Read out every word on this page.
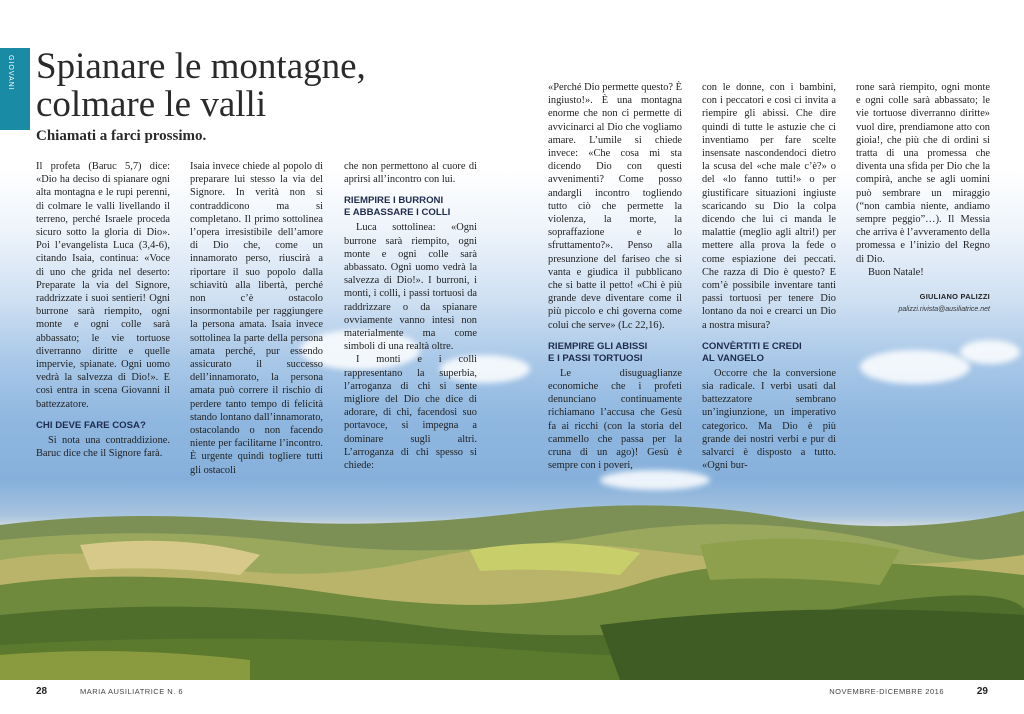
GIOVANI Spianare le montagne,
colmare le valli
Chiamati a farci prossimo.

Il profeta (Baruc 5,7) dice: «Dio ha deciso di spianare ogni alta montagna e le rupi perenni, di colmare le valli livellando il terreno, perché Israele proceda sicuro sotto la gloria di Dio». Poi l’evangelista Luca (3,4-6), citando Isaia, continua: «Voce di uno che grida nel deserto: Preparate la via del Signore, raddrizzate i suoi sentieri! Ogni burrone sarà riempito, ogni monte e ogni colle sarà abbassato; le vie tortuose diverranno diritte e quelle impervie, spianate. Ogni uomo vedrà la salvezza di Dio!». E così entra in scena Giovanni il battezzatore.

CHI DEVE FARE COSA?

Si nota una contraddizione. Baruc dice che il Signore farà.

Isaia invece chiede al popolo di preparare lui stesso la via del Signore. In verità non si contraddicono ma si completano. Il primo sottolinea l’opera irresistibile dell’amore di Dio che, come un innamorato perso, riuscirà a riportare il suo popolo dalla schiavitù alla libertà, perché non c’è ostacolo insormontabile per raggiungere la persona amata. Isaia invece sottolinea la parte della persona amata perché, pur essendo assicurato il successo dell’innamorato, la persona amata può correre il rischio di perdere tanto tempo di felicità stando lontano dall’innamorato, ostacolando o non facendo niente per facilitarne l’incontro. È urgente quindi togliere tutti gli ostacoli

che non permettono al cuore di aprirsi all’incontro con lui.

RIEMPIRE I BURRONI
E ABBASSARE I COLLI

Luca sottolinea: «Ogni burrone sarà riempito, ogni monte e ogni colle sarà abbassato. Ogni uomo vedrà la salvezza di Dio!». I burroni, i monti, i colli, i passi tortuosi da raddrizzare o da spianare ovviamente vanno intesi non materialmente ma come simboli di una realtà oltre.

I monti e i colli rappresentano la superbia, l’arroganza di chi si sente migliore del Dio che dice di adorare, di chi, facendosi suo portavoce, si impegna a dominare sugli altri. L’arroganza di chi spesso si chiede:

«Perché Dio permette questo? È ingiusto!». È una montagna enorme che non ci permette di avvicinarci al Dio che vogliamo amare. L’umile si chiede invece: «Che cosa mi sta dicendo Dio con questi avvenimenti? Come posso andargli incontro togliendo tutto ciò che permette la violenza, la morte, la sopraffazione e lo sfruttamento?». Penso alla presunzione del fariseo che si vanta e giudica il pubblicano che si batte il petto! «Chi è più grande deve diventare come il più piccolo e chi governa come colui che serve» (Lc 22,16).

RIEMPIRE GLI ABISSI
E I PASSI TORTUOSI

Le disuguaglianze economiche che i profeti denunciano continuamente richiamano l’accusa che Gesù fa ai ricchi (con la storia del cammello che passa per la cruna di un ago)! Gesù è sempre con i poveri,

con le donne, con i bambini, con i peccatori e così ci invita a riempire gli abissi. Che dire quindi di tutte le astuzie che ci inventiamo per fare scelte insensate nascondendoci dietro la scusa del «che male c’è?» o del «lo fanno tutti!» o per giustificare situazioni ingiuste scaricando su Dio la colpa dicendo che lui ci manda le malattie (meglio agli altri!) per mettere alla prova la fede o come espiazione dei peccati. Che razza di Dio è questo? E com’è possibile inventare tanti passi tortuosi per tenere Dio lontano da noi e crearci un Dio a nostra misura?

CONVÈRTITI E CREDI
AL VANGELO

Occorre che la conversione sia radicale. I verbi usati dal battezzatore sembrano un’ingiunzione, un imperativo categorico. Ma Dio è più grande dei nostri verbi e pur di salvarci è disposto a tutto. «Ogni bur-

rone sarà riempito, ogni monte e ogni colle sarà abbassato; le vie tortuose diverranno diritte» vuol dire, prendiamone atto con gioia!, che più che di ordini si tratta di una promessa che diventa una sfida per Dio che la compirà, anche se agli uomini può sembrare un miraggio (“non cambia niente, andiamo sempre peggio”…). Il Messia che arriva è l’avveramento della promessa e l’inizio del Regno di Dio.

Buon Natale!

GIULIANO PALIZZI
palizzi.rivista@ausiliatrice.net
28	MARIA AUSILIATRICE N. 6	NOVEMBRE-DICEMBRE 2016	29
